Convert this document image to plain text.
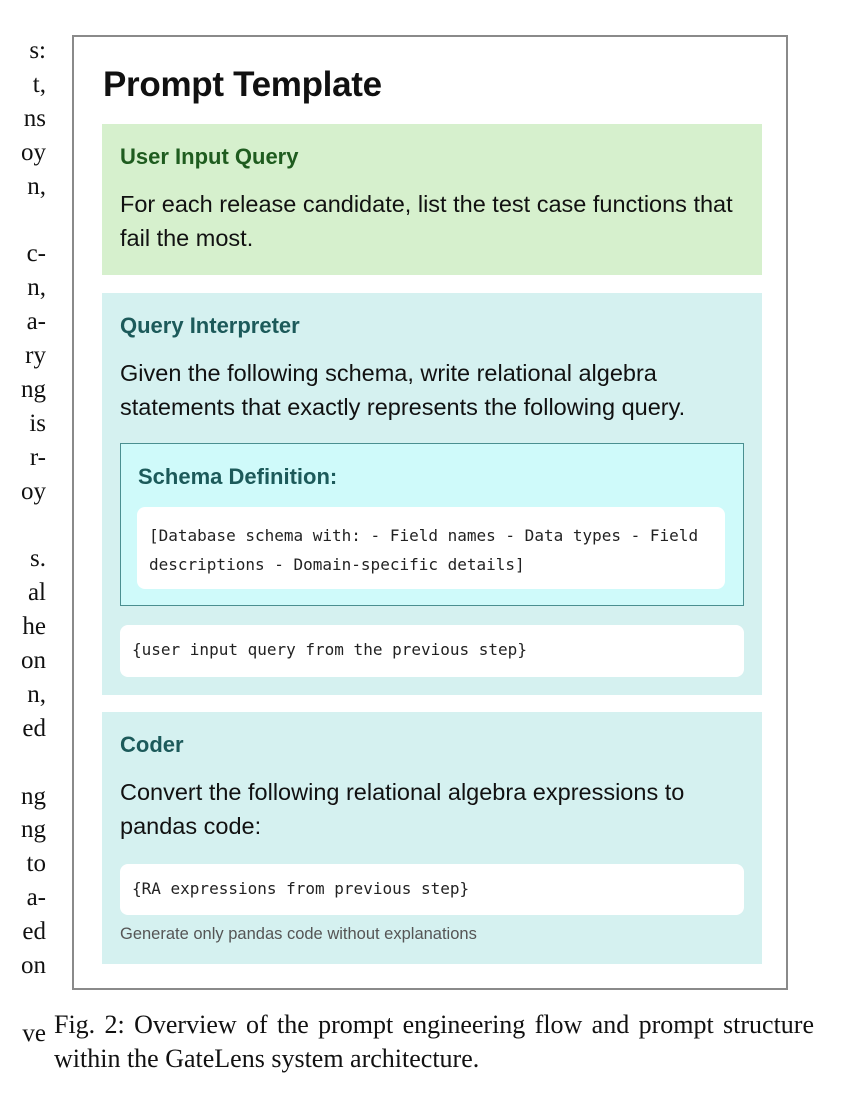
s:
t,
ns
oy
n,
c-
n,
a-
ry
ng
is
r-
oy
s.
al
he
on
n,
ed
ng
ng
to
a-
ed
on
ve
Prompt Template
User Input Query

For each release candidate, list the test case functions that fail the most.

Query Interpreter

Given the following schema, write relational algebra statements that exactly represents the following query.

Schema Definition:
[Database schema with: - Field names - Data types - Field descriptions - Domain-specific details]
{user input query from the previous step}
Coder

Convert the following relational algebra expressions to pandas code:

{RA expressions from previous step}

Generate only pandas code without explanations

Fig. 2: Overview of the prompt engineering flow and prompt structure within the GateLens system architecture.
